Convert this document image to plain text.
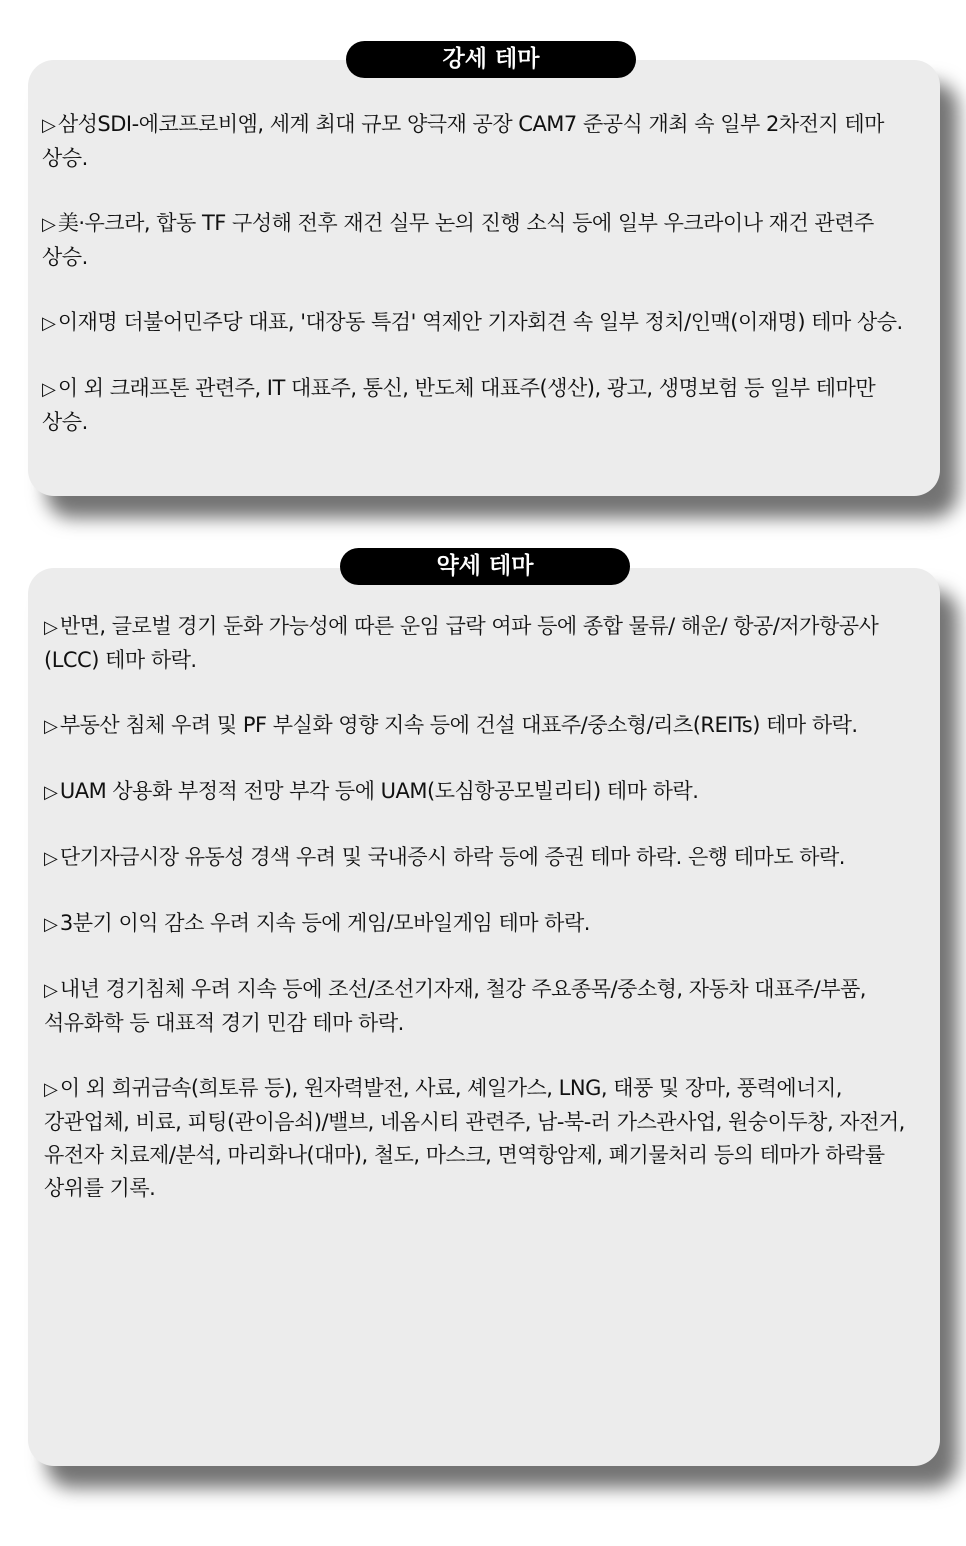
강세 테마
▷삼성SDI-에코프로비엠, 세계 최대 규모 양극재 공장 CAM7 준공식 개최 속 일부 2차전지 테마 상승.
▷美·우크라, 합동 TF 구성해 전후 재건 실무 논의 진행 소식 등에 일부 우크라이나 재건 관련주 상승.
▷이재명 더불어민주당 대표, '대장동 특검' 역제안 기자회견 속 일부 정치/인맥(이재명) 테마 상승.
▷이 외 크래프톤 관련주, IT 대표주, 통신, 반도체 대표주(생산), 광고, 생명보험 등 일부 테마만 상승.
약세 테마
▷반면, 글로벌 경기 둔화 가능성에 따른 운임 급락 여파 등에 종합 물류/ 해운/ 항공/저가항공사(LCC) 테마 하락.
▷부동산 침체 우려 및 PF 부실화 영향 지속 등에 건설 대표주/중소형/리츠(REITs) 테마 하락.
▷UAM 상용화 부정적 전망 부각 등에 UAM(도심항공모빌리티) 테마 하락.
▷단기자금시장 유동성 경색 우려 및 국내증시 하락 등에 증권 테마 하락. 은행 테마도 하락.
▷3분기 이익 감소 우려 지속 등에 게임/모바일게임 테마 하락.
▷내년 경기침체 우려 지속 등에 조선/조선기자재, 철강 주요종목/중소형, 자동차 대표주/부품, 석유화학 등 대표적 경기 민감 테마 하락.
▷이 외 희귀금속(희토류 등), 원자력발전, 사료, 셰일가스, LNG, 태풍 및 장마, 풍력에너지, 강관업체, 비료, 피팅(관이음쇠)/밸브, 네옴시티 관련주, 남-북-러 가스관사업, 원숭이두창, 자전거, 유전자 치료제/분석, 마리화나(대마), 철도, 마스크, 면역항암제, 폐기물처리 등의 테마가 하락률 상위를 기록.
